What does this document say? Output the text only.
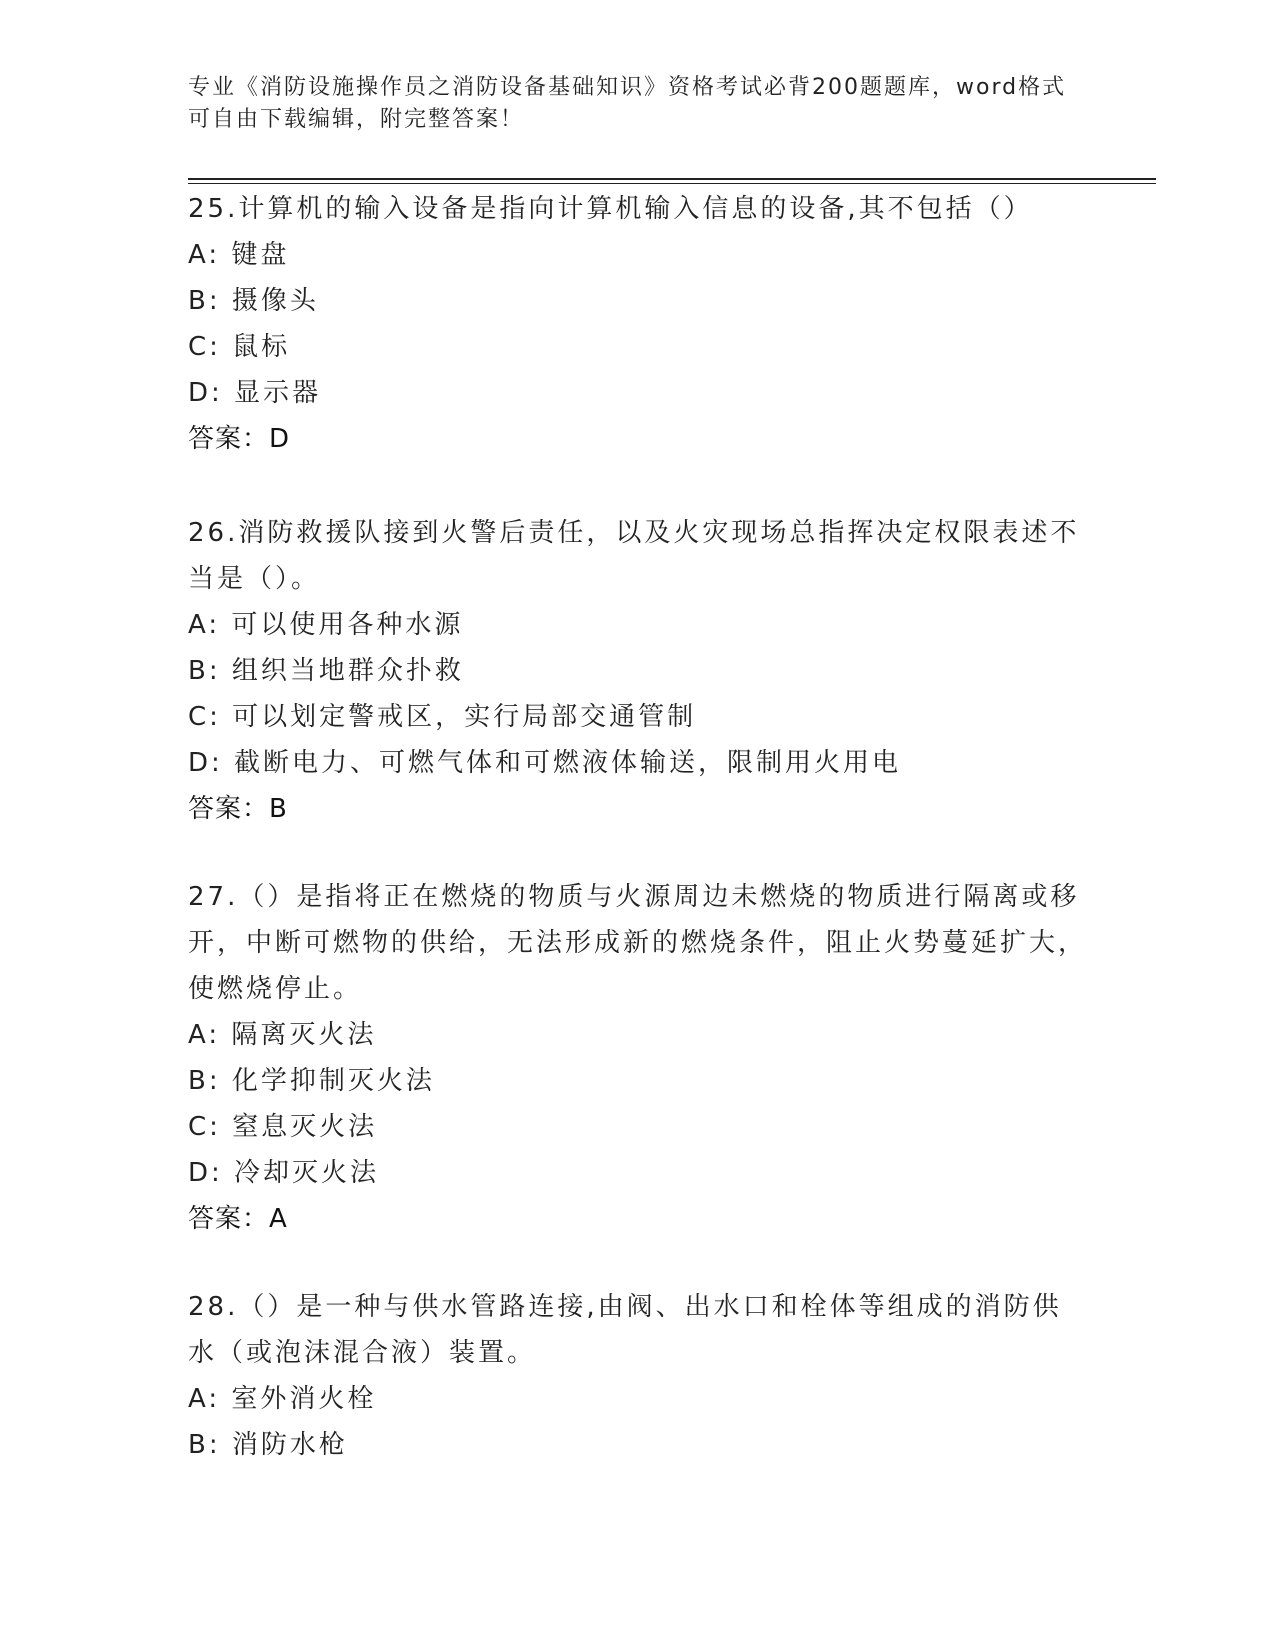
专业《消防设施操作员之消防设备基础知识》资格考试必背200题题库，word格式可自由下载编辑，附完整答案！

25.计算机的输入设备是指向计算机输入信息的设备,其不包括（）

A: 键盘

B: 摄像头

C: 鼠标

D: 显示器

答案：D

26.消防救援队接到火警后责任，以及火灾现场总指挥决定权限表述不当是（）。

A: 可以使用各种水源

B: 组织当地群众扑救

C: 可以划定警戒区，实行局部交通管制

D: 截断电力、可燃气体和可燃液体输送，限制用火用电

答案：B

27.（）是指将正在燃烧的物质与火源周边未燃烧的物质进行隔离或移开，中断可燃物的供给，无法形成新的燃烧条件，阻止火势蔓延扩大，使燃烧停止。

A: 隔离灭火法

B: 化学抑制灭火法

C: 窒息灭火法

D: 冷却灭火法

答案：A

28.（）是一种与供水管路连接,由阀、出水口和栓体等组成的消防供水（或泡沫混合液）装置。

A: 室外消火栓

B: 消防水枪
